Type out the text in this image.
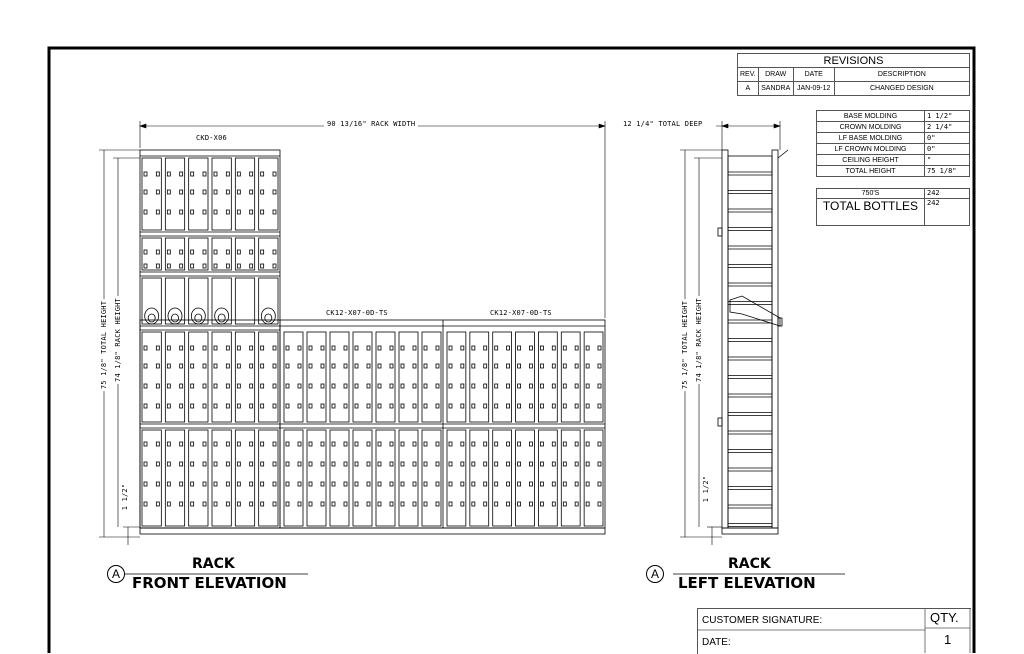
90 13/16" RACK WIDTH
CKD-X06
CK12-X07-0D-TS	CK12-X07-0D-TS
75 1/8" TOTAL HEIGHT 74 1/8" RACK HEIGHT
1 1/2"
12 1/4" TOTAL DEEP
75 1/8" TOTAL HEIGHT 74 1/8" RACK HEIGHT
1 1/2"
A
RACK
FRONT ELEVATION	A
RACK
LEFT ELEVATION
REVISIONS			
REV.	DRAW	DATE	DESCRIPTION
A	SANDRA	JAN-09-12	CHANGED DESIGN

BASE MOLDING	1 1/2"
CROWN MOLDING	2 1/4"
LF BASE MOLDING	0"
LF CROWN MOLDING	0"
CEILING HEIGHT	"
TOTAL HEIGHT	75 1/8"
750'S	242
TOTAL BOTTLES	242
CUSTOMER SIGNATURE:
DATE:
QTY.
1
